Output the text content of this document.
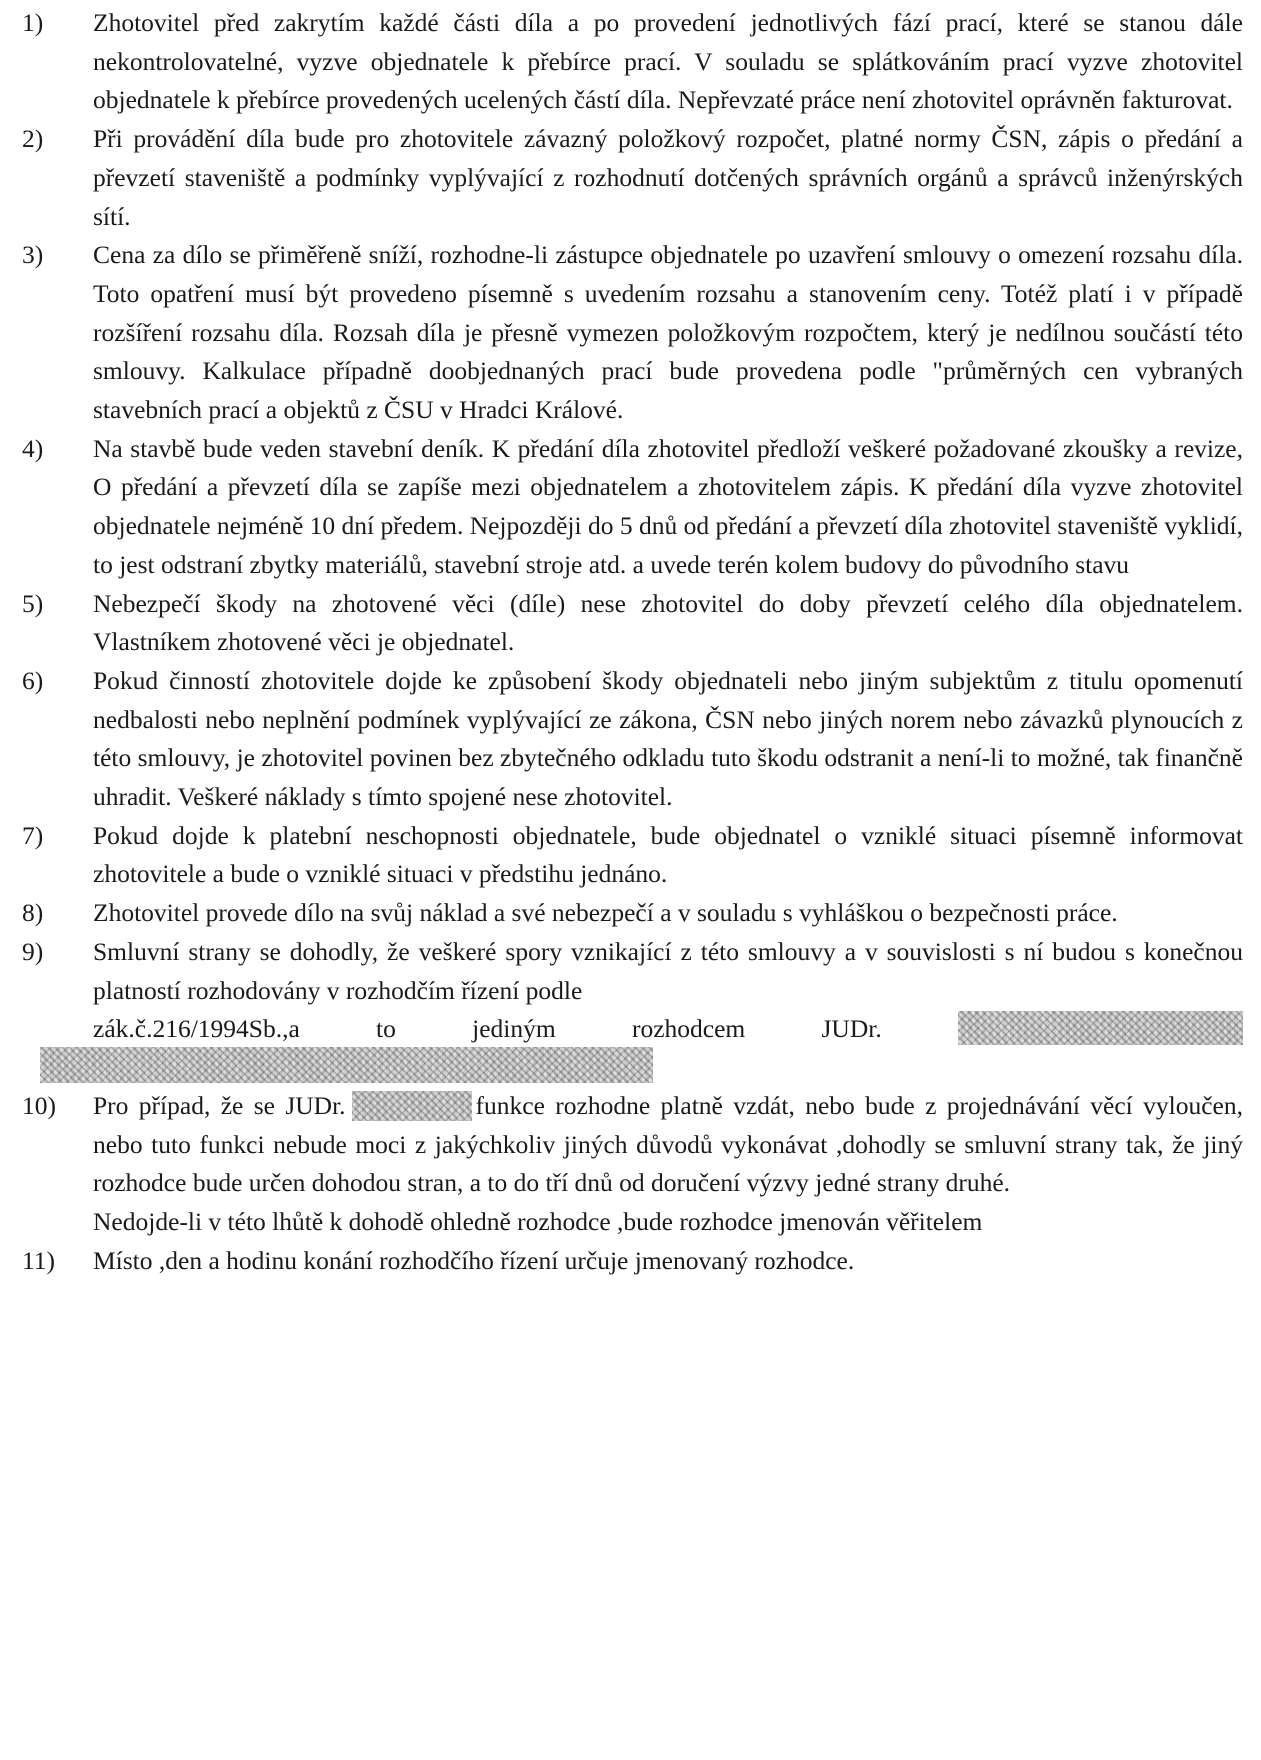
1)	Zhotovitel před zakrytím každé části díla a po provedení jednotlivých fází prací, které se stanou dále nekontrolovatelné, vyzve objednatele k přebírce prací. V souladu se splátkováním prací vyzve zhotovitel objednatele k přebírce provedených ucelených částí díla. Nepřevzaté práce není zhotovitel oprávněn fakturovat.

2)	Při provádění díla bude pro zhotovitele závazný položkový rozpočet, platné normy ČSN, zápis o předání a převzetí staveniště a podmínky vyplývající z rozhodnutí dotčených správních orgánů a správců inženýrských sítí.

3)	Cena za dílo se přiměřeně sníží, rozhodne-li zástupce objednatele po uzavření smlouvy o omezení rozsahu díla. Toto opatření musí být provedeno písemně s uvedením rozsahu a stanovením ceny. Totéž platí i v případě rozšíření rozsahu díla. Rozsah díla je přesně vymezen položkovým rozpočtem, který je nedílnou součástí této smlouvy. Kalkulace případně doobjednaných prací bude provedena podle "průměrných cen vybraných stavebních prací a objektů z ČSU v Hradci Králové.

4)	Na stavbě bude veden stavební deník. K předání díla zhotovitel předloží veškeré požadované zkoušky a revize, O předání a převzetí díla se zapíše mezi objednatelem a zhotovitelem zápis. K předání díla vyzve zhotovitel objednatele nejméně 10 dní předem. Nejpozději do 5 dnů od předání a převzetí díla zhotovitel staveniště vyklidí, to jest odstraní zbytky materiálů, stavební stroje atd. a uvede terén kolem budovy do původního stavu

5)	Nebezpečí škody na zhotovené věci (díle) nese zhotovitel do doby převzetí celého díla objednatelem. Vlastníkem zhotovené věci je objednatel.

6)	Pokud činností zhotovitele dojde ke způsobení škody objednateli nebo jiným subjektům z titulu opomenutí nedbalosti nebo neplnění podmínek vyplývající ze zákona, ČSN nebo jiných norem nebo závazků plynoucích z této smlouvy, je zhotovitel povinen bez zbytečného odkladu tuto škodu odstranit a není-li to možné, tak finančně uhradit. Veškeré náklady s tímto spojené nese zhotovitel.

7)	Pokud dojde k platební neschopnosti objednatele, bude objednatel o vzniklé situaci písemně informovat zhotovitele a bude o vzniklé situaci v předstihu jednáno.

8)	Zhotovitel provede dílo na svůj náklad a své nebezpečí a v souladu s vyhláškou o bezpečnosti práce.

9)	Smluvní strany se dohodly, že veškeré spory vznikající z této smlouvy a v souvislosti s ní budou s konečnou platností rozhodovány v rozhodčím řízení podle

zák.č.216/1994Sb.,a	to	jediným	rozhodcem	JUDr.
10)	Pro případ, že se JUDr.	funkce rozhodne platně vzdát, nebo bude z projednávání věcí vyloučen, nebo tuto funkci nebude moci z jakýchkoliv jiných důvodů vykonávat ,dohodly se smluvní strany tak, že jiný rozhodce bude určen dohodou stran, a to do tří dnů od doručení výzvy jedné strany druhé.

Nedojde-li v této lhůtě k dohodě ohledně rozhodce ,bude rozhodce jmenován věřitelem

11)	Místo ,den a hodinu konání rozhodčího řízení určuje jmenovaný rozhodce.
